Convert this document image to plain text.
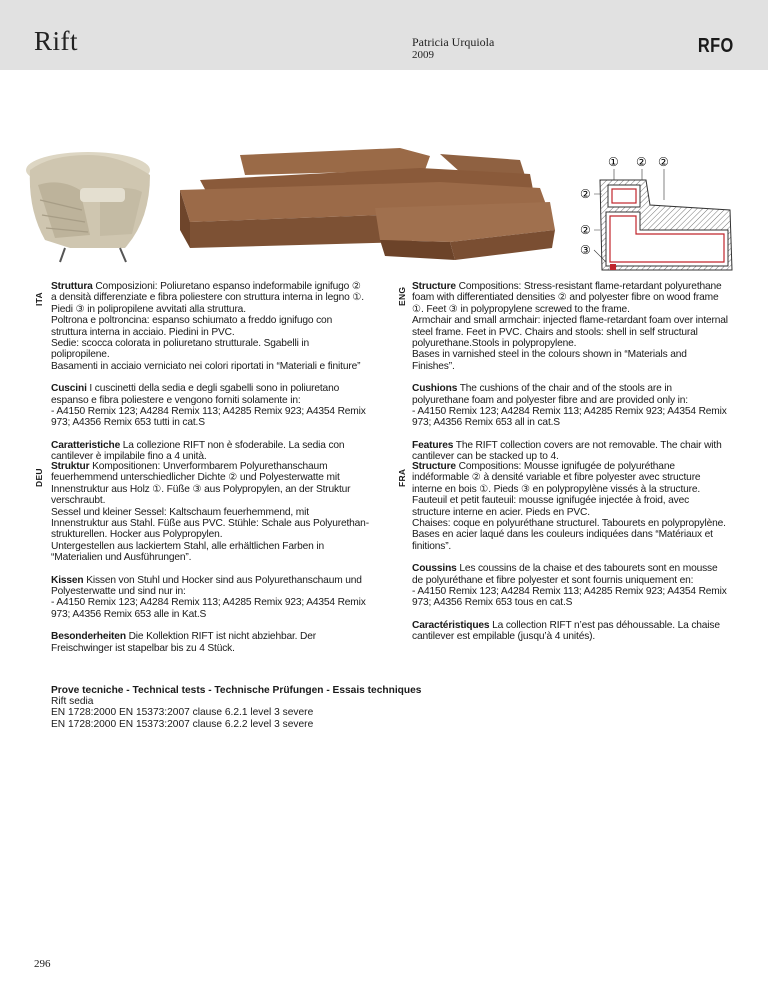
Rift	Patricia Urquiola
2009	RFO
① ② ②
②
②
③
ITA

Struttura Composizioni: Poliuretano espanso indeformabile ignifugo ② a densità differenziate e fibra poliestere con struttura interna in legno ①. Piedi ③ in polipropilene avvitati alla struttura.
Poltrona e poltroncina: espanso schiumato a freddo ignifugo con struttura interna in acciaio. Piedini in PVC.
Sedie: scocca colorata in poliuretano strutturale. Sgabelli in polipropilene.
Basamenti in acciaio verniciato nei colori riportati in “Materiali e finiture”

Cuscini I cuscinetti della sedia e degli sgabelli sono in poliuretano espanso e fibra poliestere e vengono forniti solamente in:
- A4150 Remix 123; A4284 Remix 113; A4285 Remix 923; A4354 Remix 973; A4356 Remix 653 tutti in cat.S

Caratteristiche La collezione RIFT non è sfoderabile. La sedia con cantilever è impilabile fino a 4 unità.

ENG

Structure Compositions: Stress-resistant flame-retardant polyurethane foam with differentiated densities ② and polyester fibre on wood frame ①. Feet ③ in polypropylene screwed to the frame.
Armchair and small armchair: injected flame-retardant foam over internal steel frame. Feet in PVC. Chairs and stools: shell in self structural polyurethane.Stools in polypropylene.
Bases in varnished steel in the colours shown in “Materials and Finishes”.

Cushions The cushions of the chair and of the stools are in polyurethane foam and polyester fibre and are provided only in:
- A4150 Remix 123; A4284 Remix 113; A4285 Remix 923; A4354 Remix 973; A4356 Remix 653 all in cat.S

Features The RIFT collection covers are not removable. The chair with cantilever can be stacked up to 4.

DEU

Struktur Kompositionen: Unverformbarem Polyurethanschaum feuerhemmend unterschiedlicher Dichte ② und Polyesterwatte mit Innenstruktur aus Holz ①. Füße ③ aus Polypropylen, an der Struktur verschraubt.
Sessel und kleiner Sessel: Kaltschaum feuerhemmend, mit Innenstruktur aus Stahl. Füße aus PVC. Stühle: Schale aus Polyurethan-strukturellen. Hocker aus Polypropylen.
Untergestellen aus lackiertem Stahl, alle erhältlichen Farben in “Materialien und Ausführungen”.

Kissen Kissen von Stuhl und Hocker sind aus Polyurethanschaum und Polyesterwatte und sind nur in:
- A4150 Remix 123; A4284 Remix 113; A4285 Remix 923; A4354 Remix 973; A4356 Remix 653 alle in Kat.S

Besonderheiten Die Kollektion RIFT ist nicht abziehbar. Der Freischwinger ist stapelbar bis zu 4 Stück.

FRA

Structure Compositions: Mousse ignifugée de polyuréthane indéformable ② à densité variable et fibre polyester avec structure interne en bois ①. Pieds ③ en polypropylène vissés à la structure.
Fauteuil et petit fauteuil: mousse ignifugée injectée à froid, avec structure interne en acier. Pieds en PVC.
Chaises: coque en polyuréthane structurel. Tabourets en polypropylène. Bases en acier laqué dans les couleurs indiquées dans “Matériaux et finitions”.

Coussins Les coussins de la chaise et des tabourets sont en mousse de polyuréthane et fibre polyester et sont fournis uniquement en:
- A4150 Remix 123; A4284 Remix 113; A4285 Remix 923; A4354 Remix 973; A4356 Remix 653 tous en cat.S

Caractéristiques La collection RIFT n’est pas déhoussable. La chaise cantilever est empilable (jusqu’à 4 unités).

Prove tecniche - Technical tests - Technische Prüfungen - Essais techniques
Rift sedia
EN 1728:2000 EN 15373:2007 clause 6.2.1 level 3 severe
EN 1728:2000 EN 15373:2007 clause 6.2.2 level 3 severe
296
